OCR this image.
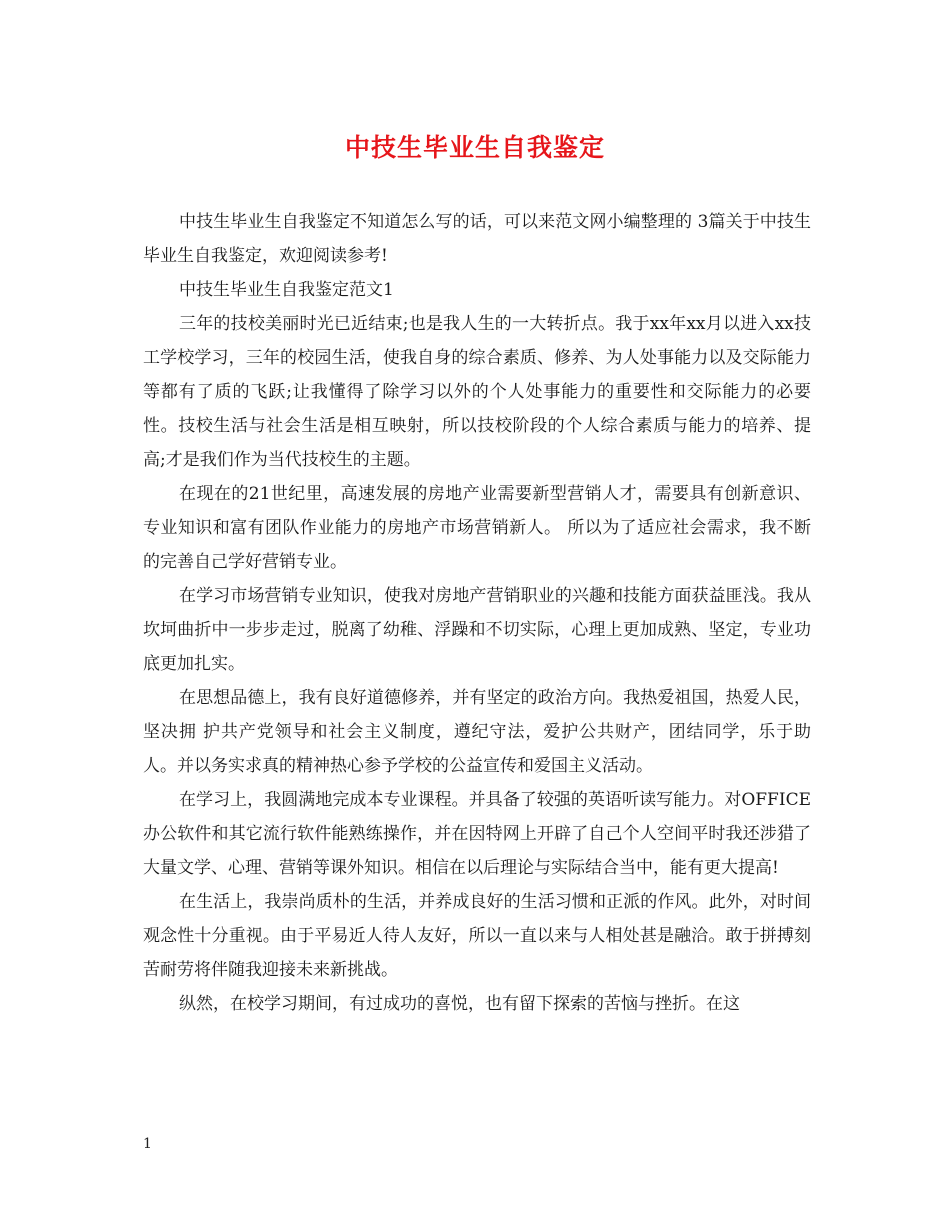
中技生毕业生自我鉴定

中技生毕业生自我鉴定不知道怎么写的话，可以来范文网小编整理的 3篇关于中技生毕业生自我鉴定，欢迎阅读参考!

中技生毕业生自我鉴定范文1

三年的技校美丽时光已近结束;也是我人生的一大转折点。我于xx年xx月以进入xx技工学校学习，三年的校园生活，使我自身的综合素质、修养、为人处事能力以及交际能力等都有了质的飞跃;让我懂得了除学习以外的个人处事能力的重要性和交际能力的必要性。技校生活与社会生活是相互映射，所以技校阶段的个人综合素质与能力的培养、提高;才是我们作为当代技校生的主题。

在现在的21世纪里，高速发展的房地产业需要新型营销人才，需要具有创新意识、专业知识和富有团队作业能力的房地产市场营销新人。 所以为了适应社会需求，我不断的完善自己学好营销专业。

在学习市场营销专业知识，使我对房地产营销职业的兴趣和技能方面获益匪浅。我从坎坷曲折中一步步走过，脱离了幼稚、浮躁和不切实际，心理上更加成熟、坚定，专业功底更加扎实。

在思想品德上，我有良好道德修养，并有坚定的政治方向。我热爱祖国，热爱人民，坚决拥 护共产党领导和社会主义制度，遵纪守法，爱护公共财产，团结同学，乐于助人。并以务实求真的精神热心参予学校的公益宣传和爱国主义活动。

在学习上，我圆满地完成本专业课程。并具备了较强的英语听读写能力。对OFFICE办公软件和其它流行软件能熟练操作，并在因特网上开辟了自己个人空间平时我还涉猎了大量文学、心理、营销等课外知识。相信在以后理论与实际结合当中，能有更大提高!

在生活上，我崇尚质朴的生活，并养成良好的生活习惯和正派的作风。此外，对时间观念性十分重视。由于平易近人待人友好，所以一直以来与人相处甚是融洽。敢于拼搏刻苦耐劳将伴随我迎接未来新挑战。

纵然，在校学习期间，有过成功的喜悦，也有留下探索的苦恼与挫折。在这

1
